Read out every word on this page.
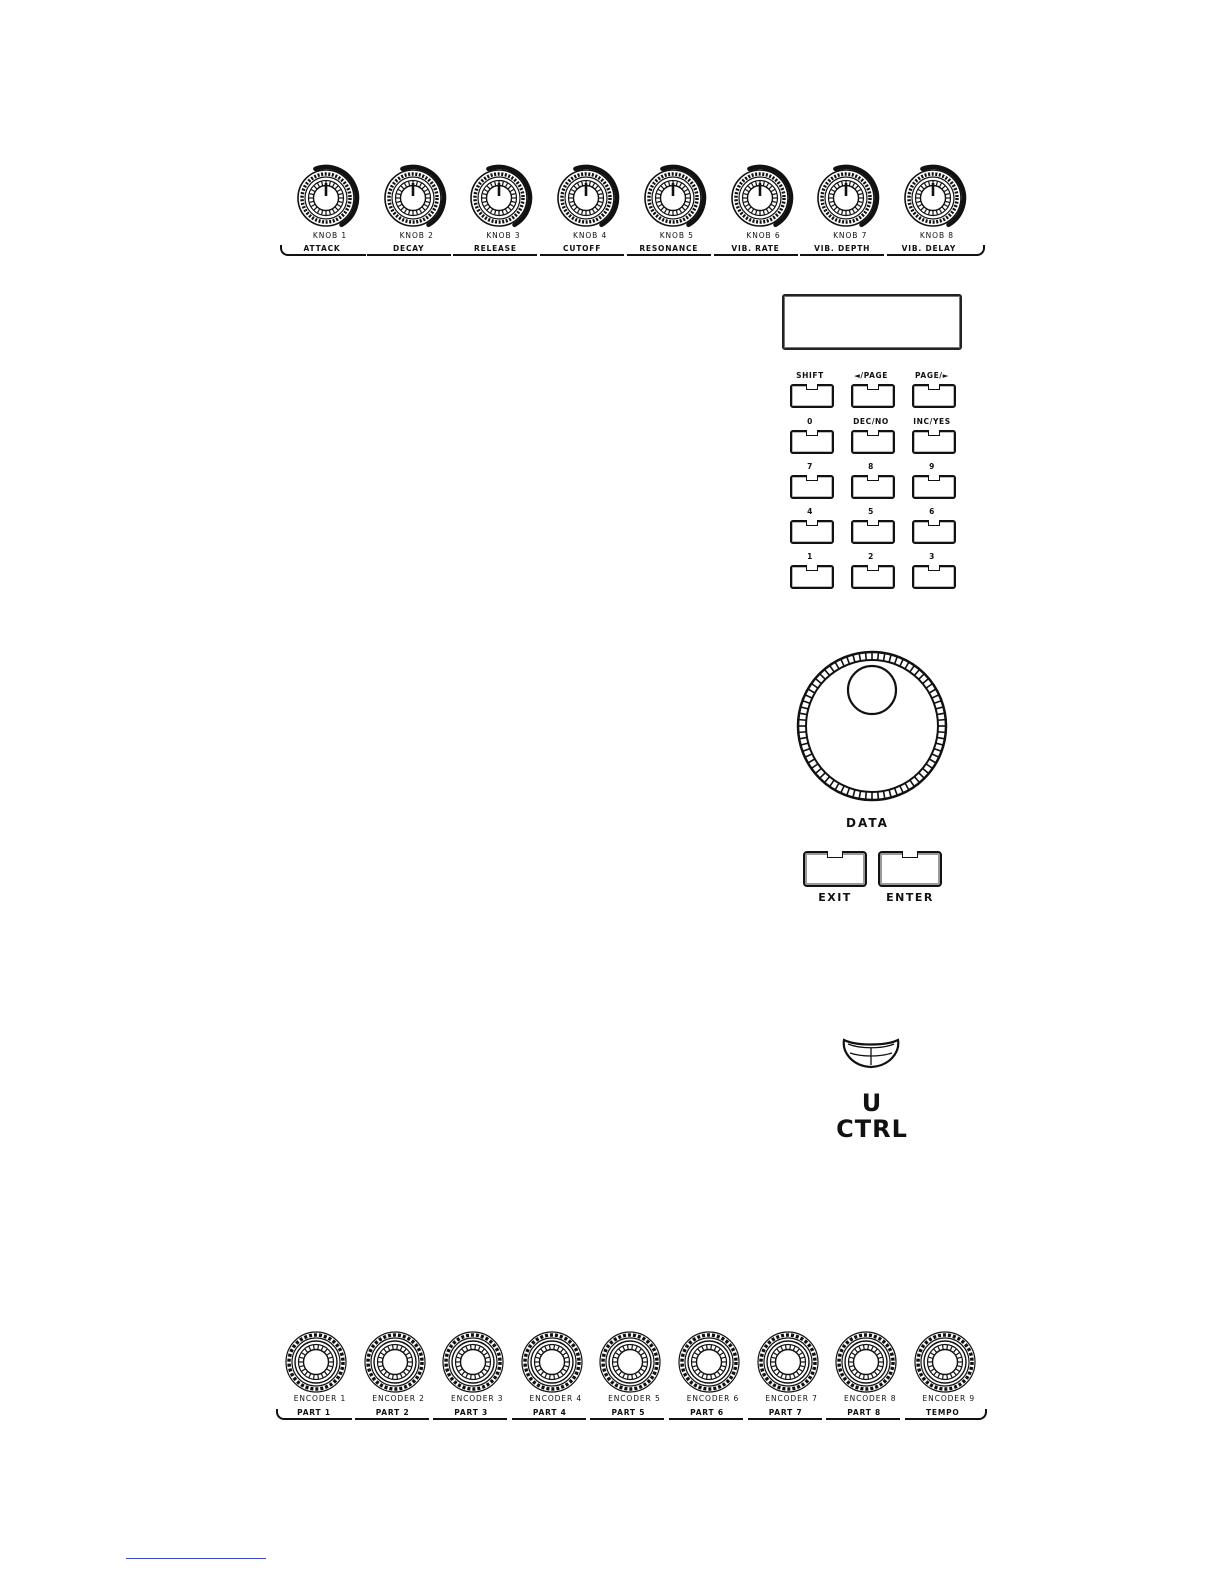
KNOB 1
ATTACK
KNOB 2
DECAY
KNOB 3
RELEASE
KNOB 4
CUTOFF
KNOB 5
RESONANCE
KNOB 6
VIB. RATE
KNOB 7
VIB. DEPTH
KNOB 8
VIB. DELAY
SHIFT	◄/PAGE	PAGE/►
0	DEC/NO	INC/YES
7	8	9
4	5	6
1	2	3
DATA
EXIT	ENTER
U
CTRL
ENCODER 1
PART 1
ENCODER 2
PART 2
ENCODER 3
PART 3
ENCODER 4
PART 4
ENCODER 5
PART 5
ENCODER 6
PART 6
ENCODER 7
PART 7
ENCODER 8
PART 8
ENCODER 9
TEMPO
